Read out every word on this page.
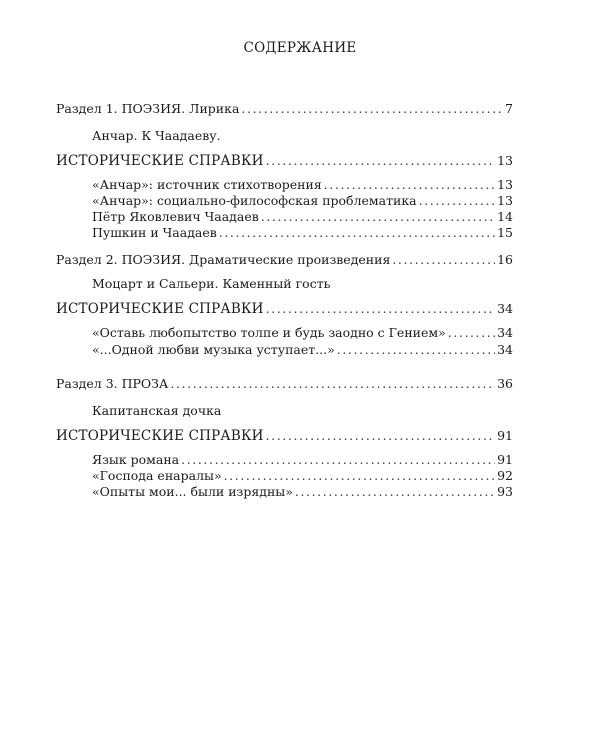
СОДЕРЖАНИЕ
Раздел 1. ПОЭЗИЯ. Лирика .....	7
Анчар. К Чаадаеву.
ИСТОРИЧЕСКИЕ СПРАВКИ .....	13
«Анчар»: источник стихотворения .....	13
«Анчар»: социально-философская проблематика .....	13
Пётр Яковлевич Чаадаев .....	14
Пушкин и Чаадаев .....	15
Раздел 2. ПОЭЗИЯ. Драматические произведения .....	16
Моцарт и Сальери. Каменный гость
ИСТОРИЧЕСКИЕ СПРАВКИ .....	34
«Оставь любопытство толпе и будь заодно с Гением» .....	34
«...Одной любви музыка уступает...» .....	34
Раздел 3. ПРОЗА .....	36
Капитанская дочка
ИСТОРИЧЕСКИЕ СПРАВКИ .....	91
Язык романа .....	91
«Господа енаралы» .....	92
«Опыты мои... были изрядны» .....	93
